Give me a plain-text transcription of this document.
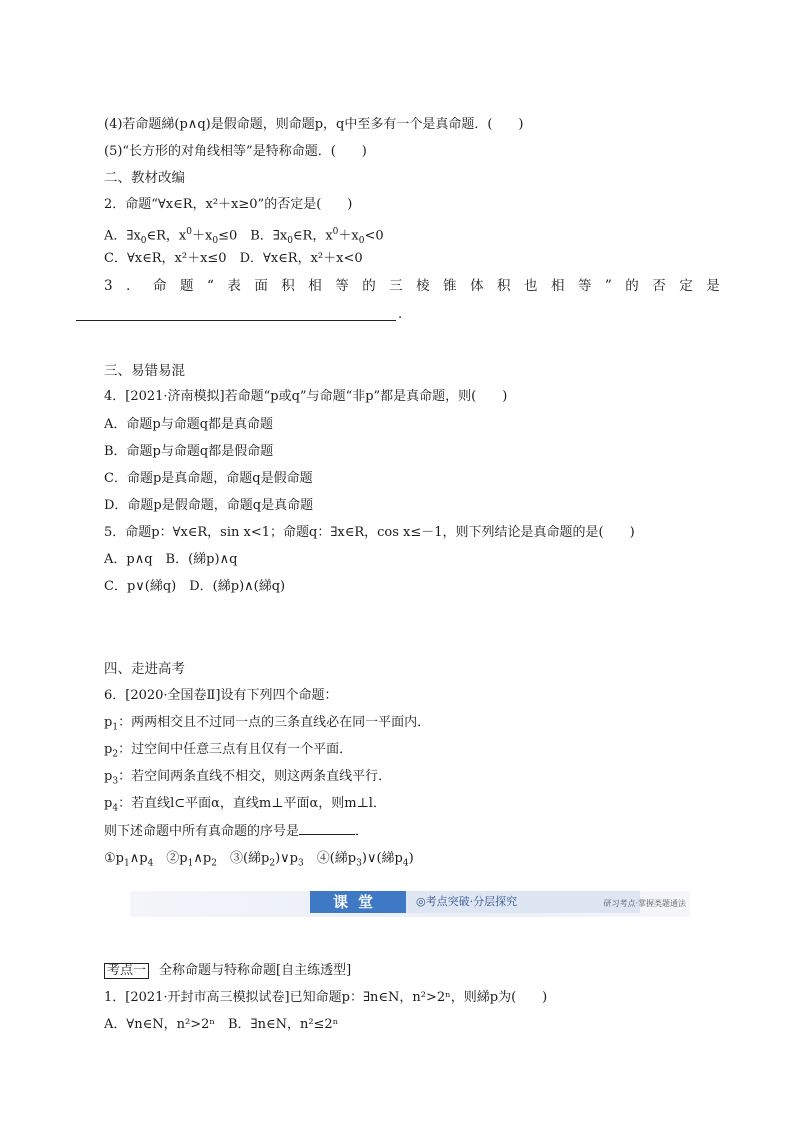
(4)若命题綈(p∧q)是假命题，则命题p，q中至多有一个是真命题．(　　)
(5)“长方形的对角线相等”是特称命题．(　　)
二、教材改编
2．命题“∀x∈R，x²＋x≥0”的否定是(　　)
A．$\exists x_0\in R$，$x^0+x_0\le 0$　B．$\exists x_0\in R$，$x^0+x_0<0$
C．∀x∈R，x²＋x≤0　D．∀x∈R，x²＋x<0
3 ． 命 题 “ 表 面 积 相 等 的 三 棱 锥 体 积 也 相 等 ” 的 否 定 是
.
三、易错易混
4．[2021·济南模拟]若命题“p或q”与命题“非p”都是真命题，则(　　)
A．命题p与命题q都是真命题
B．命题p与命题q都是假命题
C．命题p是真命题，命题q是假命题
D．命题p是假命题，命题q是真命题
5．命题p：∀x∈R，sin x<1；命题q：∃x∈R，cos x≤－1，则下列结论是真命题的是(　　)
A．p∧q　B．(綈p)∧q
C．p∨(綈q)　D．(綈p)∧(綈q)
四、走进高考
6．[2020·全国卷Ⅱ]设有下列四个命题：
$p_1$：两两相交且不过同一点的三条直线必在同一平面内．
$p_2$：过空间中任意三点有且仅有一个平面．
$p_3$：若空间两条直线不相交，则这两条直线平行．
$p_4$：若直线l⊂平面α，直线m⊥平面α，则m⊥l．
则下述命题中所有真命题的序号是	．
$①p_1\wedge p_4$　$②p_1\wedge p_2$　③(綈$p_2)\vee p_3$　④(綈$p_3)\vee$(綈$p_4$)
课堂	◎考点突破·分层探究	研习考点·掌握类题通法
考点一 全称命题与特称命题[自主练透型]
1．[2021·开封市高三模拟试卷]已知命题p：∃n∈N，n²>2ⁿ，则綈p为(　　)
A．∀n∈N，n²>2ⁿ　B．∃n∈N，n²≤2ⁿ
